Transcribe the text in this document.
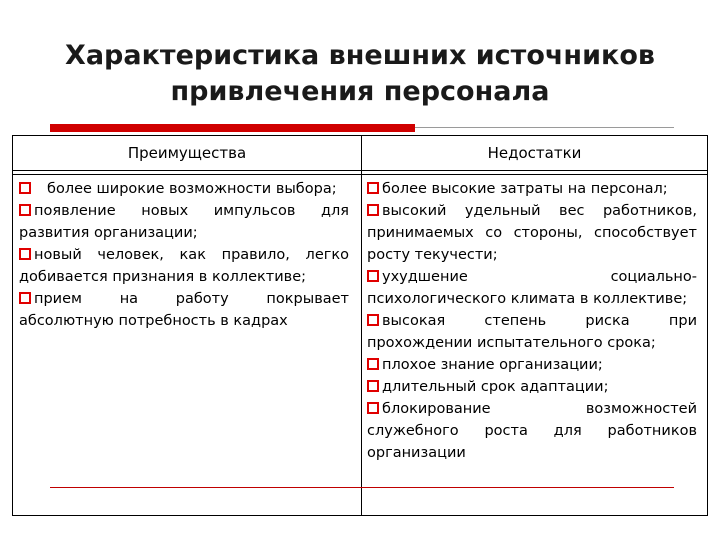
Характеристика внешних источников привлечения персонала
Преимущества	Недостатки
более широкие возможности выбора;
появление новых импульсов для развития организации;
новый человек, как правило, легко добивается признания в коллективе;
прием на работу покрывает абсолютную потребность в кадрах
более высокие затраты на персонал;
высокий удельный вес работников, принимаемых со стороны, способствует росту текучести;
ухудшение социально-психологического климата в коллективе;
высокая степень риска при прохождении испытательного срока;
плохое знание организации;
длительный срок адаптации;
блокирование возможностей служебного роста для работников организации
